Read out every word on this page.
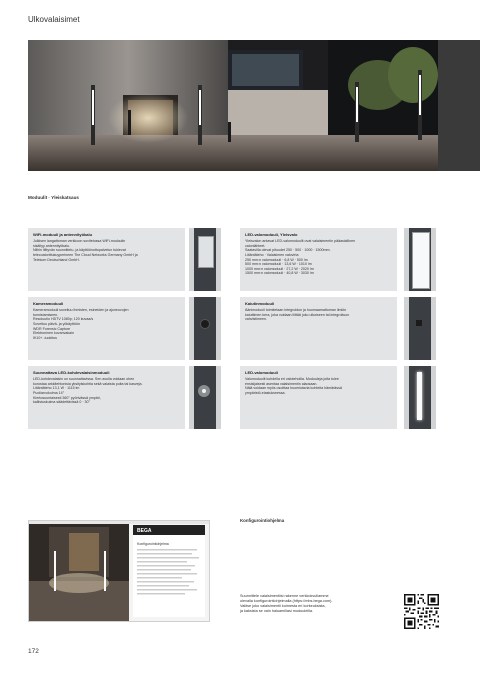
Ulkovalaisimet
Moduulit · Yleiskatsaus
WiFi-moduuli ja antennityökalu
Julkisen langattoman verkkoon sovitetussa WiFi-moduulin
sisältyy antennityökalu.
Niihin liittyvän suunnittelu- ja käyttöönottopalvelun tuklevat
telecoatorittukuyperineen The Cloud Networks Germany GmbH ja
Telekom Deutschland GmbH.
LED-valomoduuli, Yleisvalo
Yleisvalon antavat LED-valomoduulit ovat valaisimentin pääasiallinen
valonlähteet.
Saatavilla olevat pituudet 250 · 500 · 1000 · 1500mm.
Liitäntäteho · Valaisimen valovirta
250 mm:n valomoduuli · 6,8 W · 500 lm
500 mm:n valomoduuli · 13,6 W · 1010 lm
1000 mm:n valomoduuli · 27,2 W · 2020 lm
1500 mm:n valomoduuli · 40,8 W · 3030 lm
Kameramoduuli
Kameramoduuli soveltuu ihmisten, esineiden ja ajoneuvojen
tunnistamiseen.
Resoluutio HDTV 1080p; 120 kuvaa/s
Soveltuu päivä- ja yökäyttöön
WDR Forensic Capture
Elektroninen kuvanvakain
IK10+ -luokitus
Kaiutinmoduuli
Äänimoduuli toimitetaan integroidun ja huomaamattoman ilmiön
kaiuttimen kera, joka voidaan liittää joko ulkoiseen tai integroituun
vahvistimeen.
Suunnattava LED-kohdevalaisinmoduuli
LED-kohdevalaisin on suunnattavissa. Sen avulla voidaan ohen
korostaa arkkitehtonisia yksityiskohtia sekä valaista puita tai kasveja.
Liitäntäteho 13,1 W · 1115 lm
Puoliarvokulma 14°
Kiertosuuntaisesti 360° pyörivässä ympäri,
kallistuskulma säädettävissä 0 · 30°
LED-valomoduuli
Valomoduulit kohdella eri valotehoilla. Moduuleja joita tulee
ensisijaisesti asentaa valaisimentin alaosaan.
Näiä voidaan myös osoittaa huomiotavia kohteita hämärässä
ympäristö-elastukseessa.
BEGA
Konfigurointiohjelma
Konfigurointiohjelma
Suunnittele valaisimentiisi rakenne verkkokvullamme
olevalla konfigurointiohjelmalla (https://mbs.bega.com).
Valitse joko valaisimentii koimesta eri korkeuksista,
ja kaksista se vain haluamillasi moduuleilla.
172
